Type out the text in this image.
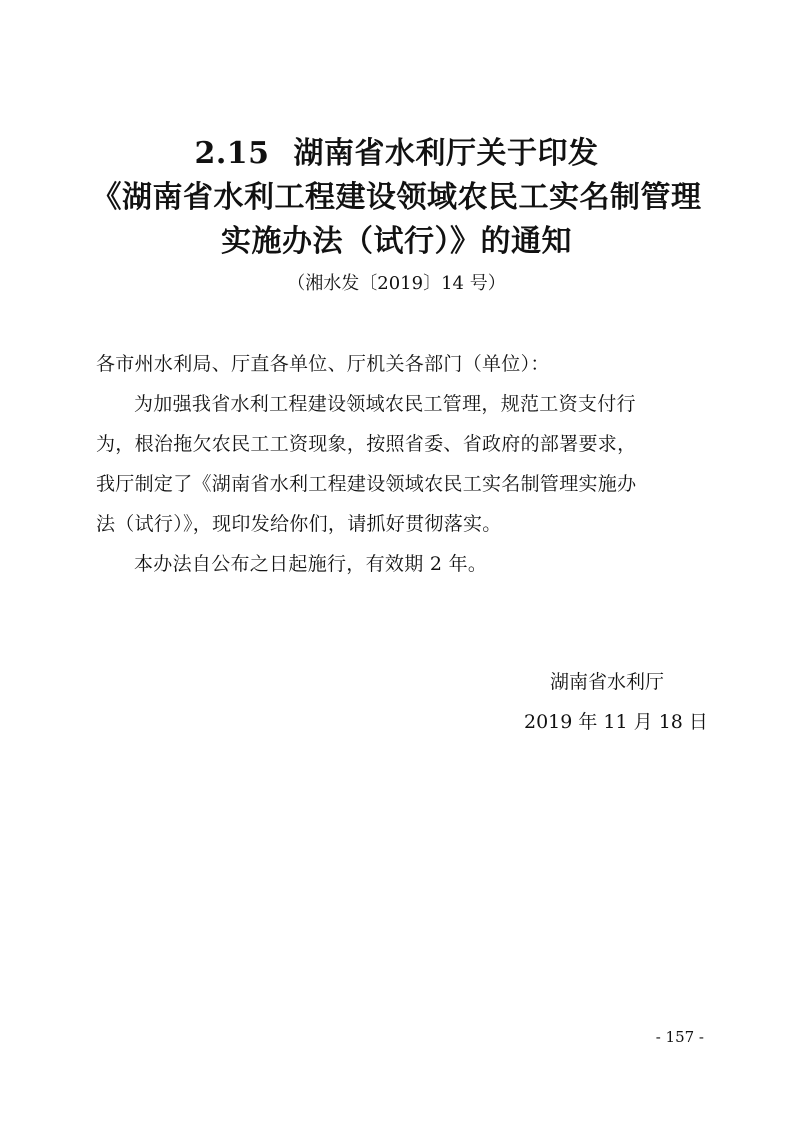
2.15 湖南省水利厅关于印发
《湖南省水利工程建设领域农民工实名制管理
实施办法（试行）》的通知
（湘水发〔2019〕14 号）
各市州水利局、厅直各单位、厅机关各部门（单位）：
为加强我省水利工程建设领域农民工管理，规范工资支付行
为，根治拖欠农民工工资现象，按照省委、省政府的部署要求，
我厅制定了《湖南省水利工程建设领域农民工实名制管理实施办
法（试行）》，现印发给你们，请抓好贯彻落实。
本办法自公布之日起施行，有效期 2 年。
湖南省水利厅
2019 年 11 月 18 日
- 157 -
